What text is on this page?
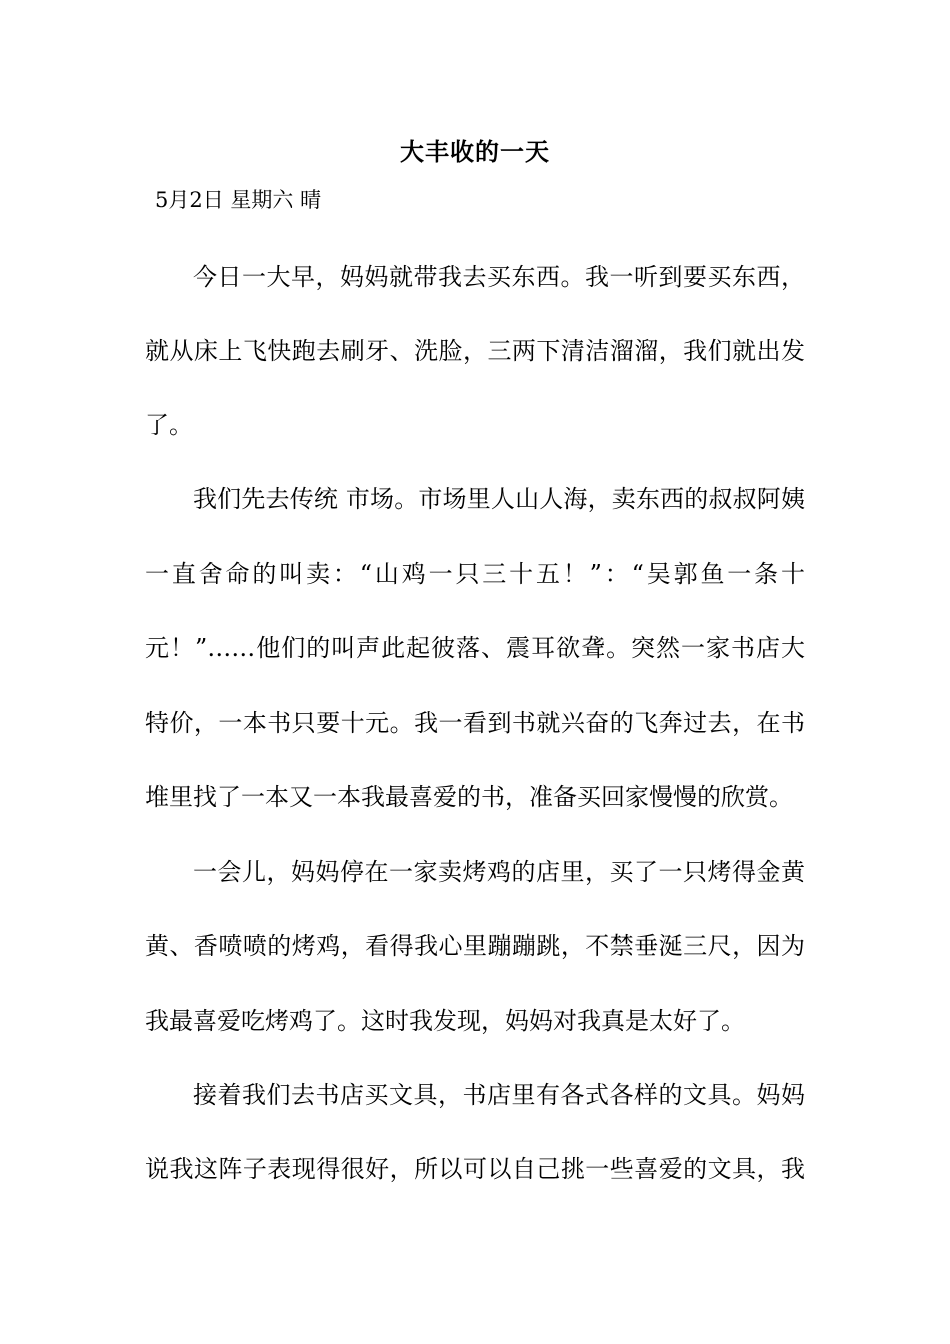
大丰收的一天
5月2日 星期六 晴
今日一大早，妈妈就带我去买东西。我一听到要买东西，
就从床上飞快跑去刷牙、洗脸，三两下清洁溜溜，我们就出发
了。
我们先去传统 市场。市场里人山人海，卖东西的叔叔阿姨
一直舍命的叫卖：“山鸡一只三十五！”：“吴郭鱼一条十
元！”……他们的叫声此起彼落、震耳欲聋。突然一家书店大
特价，一本书只要十元。我一看到书就兴奋的飞奔过去，在书
堆里找了一本又一本我最喜爱的书，准备买回家慢慢的欣赏。
一会儿，妈妈停在一家卖烤鸡的店里，买了一只烤得金黄
黄、香喷喷的烤鸡，看得我心里蹦蹦跳，不禁垂涎三尺，因为
我最喜爱吃烤鸡了。这时我发现，妈妈对我真是太好了。
接着我们去书店买文具，书店里有各式各样的文具。妈妈
说我这阵子表现得很好，所以可以自己挑一些喜爱的文具，我
